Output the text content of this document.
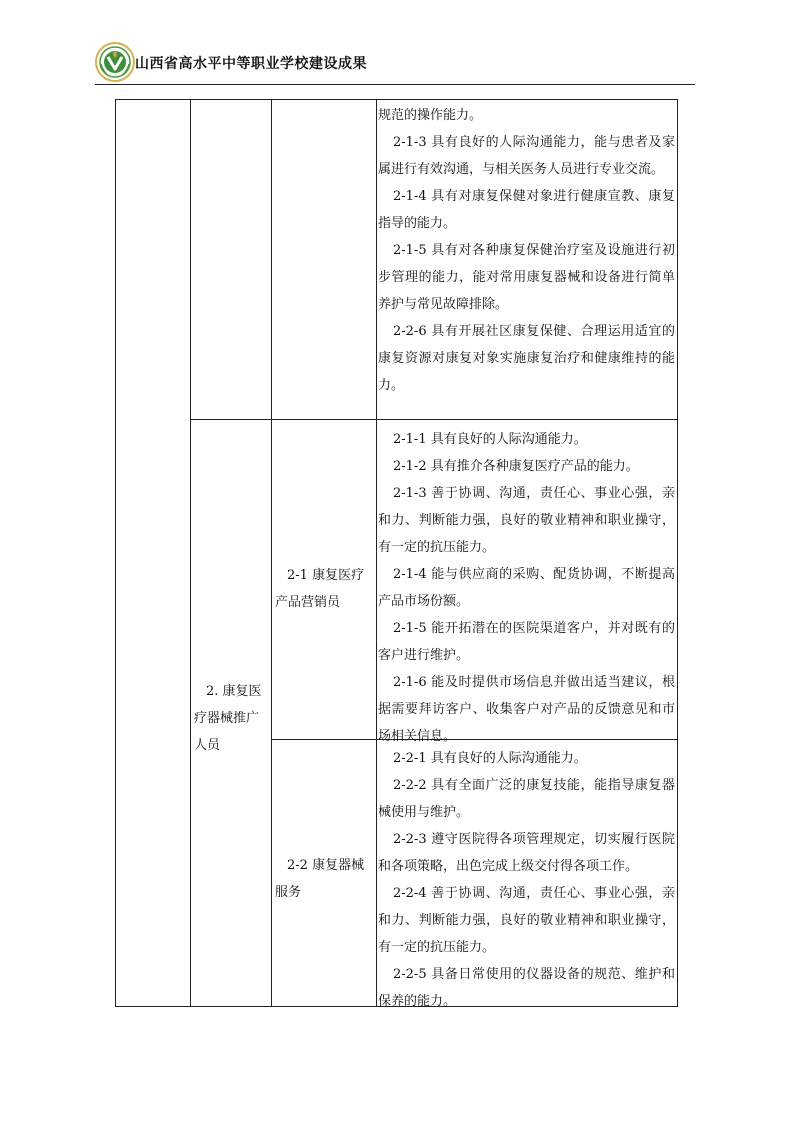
山西省高水平中等职业学校建设成果

规范的操作能力。

2-1-3 具有良好的人际沟通能力，能与患者及家属进行有效沟通，与相关医务人员进行专业交流。

2-1-4 具有对康复保健对象进行健康宣教、康复指导的能力。

2-1-5 具有对各种康复保健治疗室及设施进行初步管理的能力，能对常用康复器械和设备进行简单养护与常见故障排除。

2-2-6 具有开展社区康复保健、合理运用适宜的康复资源对康复对象实施康复治疗和健康维持的能力。

2. 康复医疗器械推广人员
2-1 康复医疗产品营销员

2-1-1 具有良好的人际沟通能力。

2-1-2 具有推介各种康复医疗产品的能力。

2-1-3 善于协调、沟通，责任心、事业心强，亲和力、判断能力强，良好的敬业精神和职业操守，有一定的抗压能力。

2-1-4 能与供应商的采购、配货协调，不断提高产品市场份额。

2-1-5 能开拓潜在的医院渠道客户，并对既有的客户进行维护。

2-1-6 能及时提供市场信息并做出适当建议，根据需要拜访客户、收集客户对产品的反馈意见和市场相关信息。

2-2 康复器械服务

2-2-1 具有良好的人际沟通能力。

2-2-2 具有全面广泛的康复技能，能指导康复器械使用与维护。

2-2-3 遵守医院得各项管理规定，切实履行医院和各项策略，出色完成上级交付得各项工作。

2-2-4 善于协调、沟通，责任心、事业心强，亲和力、判断能力强，良好的敬业精神和职业操守，有一定的抗压能力。

2-2-5 具备日常使用的仪器设备的规范、维护和保养的能力。
